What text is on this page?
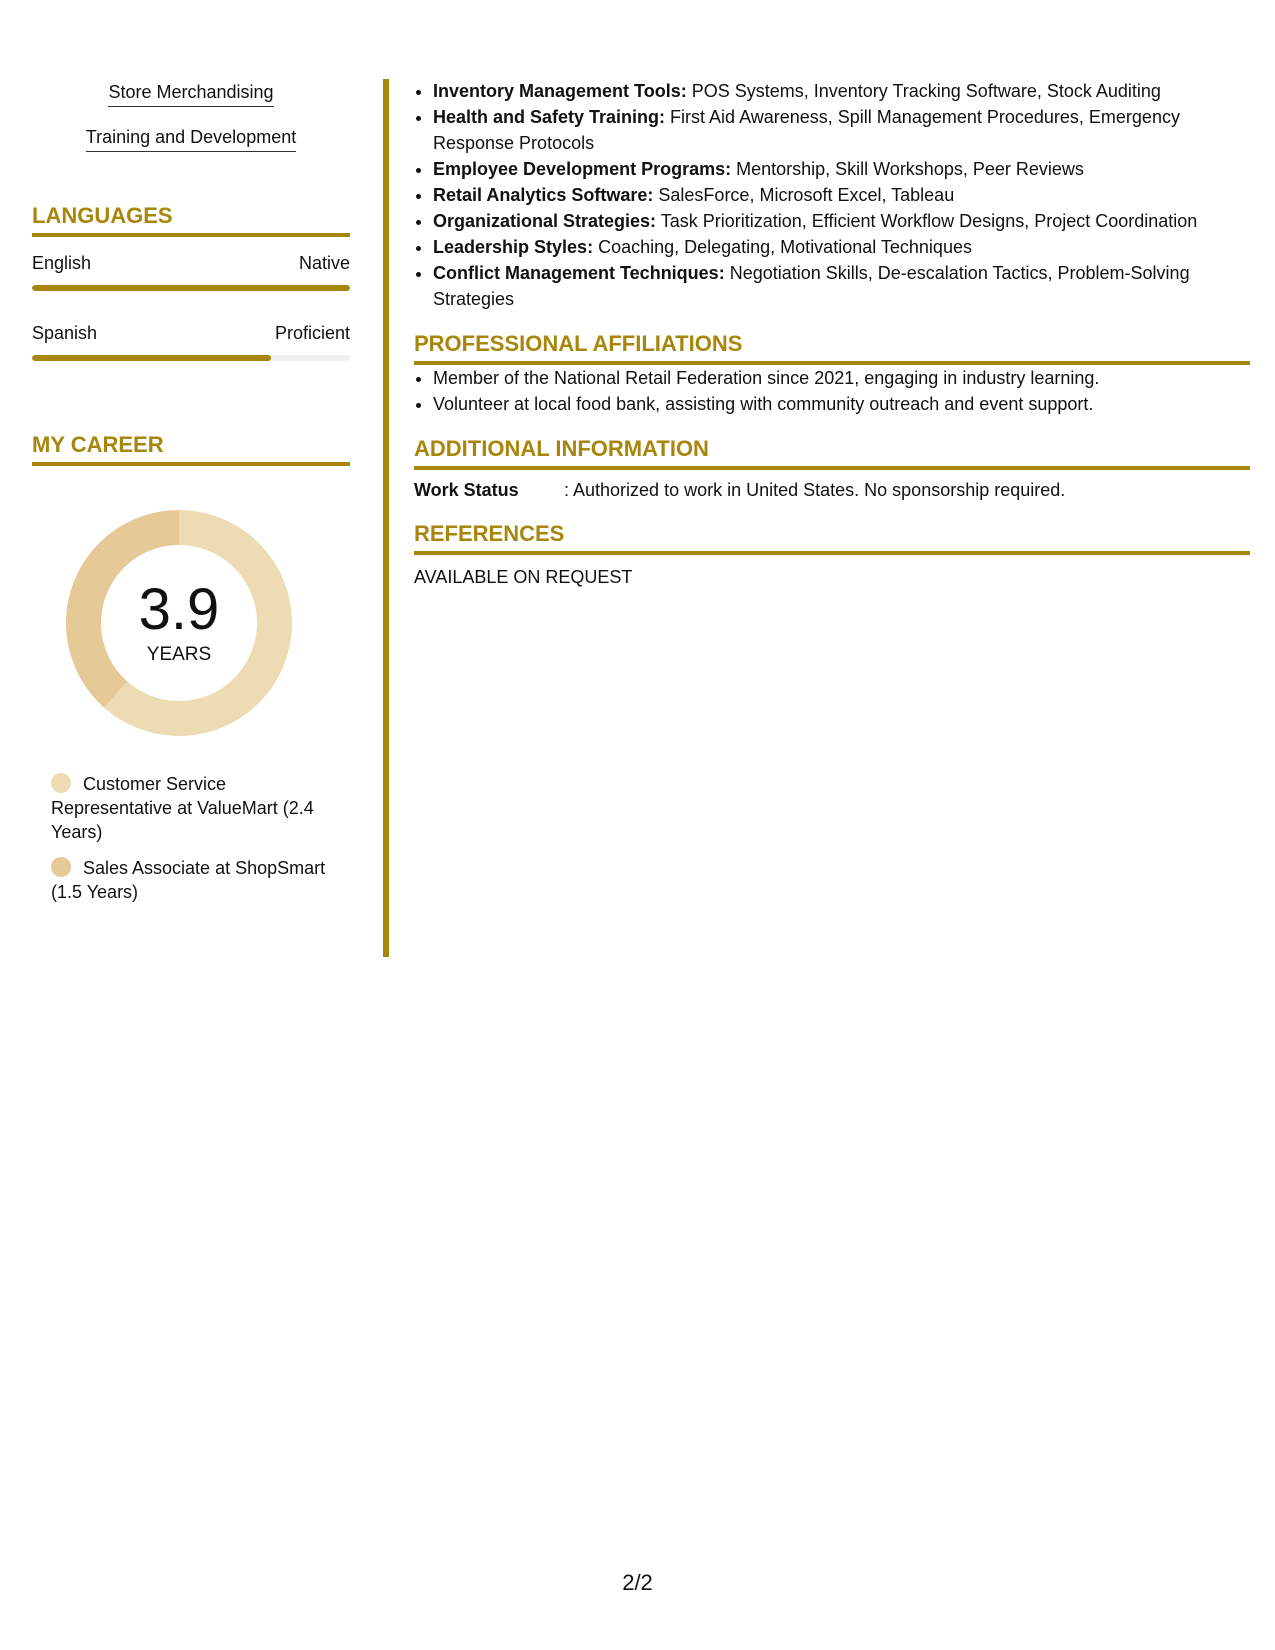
Store Merchandising
Training and Development
LANGUAGES
English	Native
Spanish	Proficient
MY CAREER
3.9
YEARS
Customer Service Representative at ValueMart (2.4 Years)
Sales Associate at ShopSmart (1.5 Years)
• Inventory Management Tools: POS Systems, Inventory Tracking Software, Stock Auditing
• Health and Safety Training: First Aid Awareness, Spill Management Procedures, Emergency Response Protocols
• Employee Development Programs: Mentorship, Skill Workshops, Peer Reviews
• Retail Analytics Software: SalesForce, Microsoft Excel, Tableau
• Organizational Strategies: Task Prioritization, Efficient Workflow Designs, Project Coordination
• Leadership Styles: Coaching, Delegating, Motivational Techniques
• Conflict Management Techniques: Negotiation Skills, De-escalation Tactics, Problem-Solving Strategies
PROFESSIONAL AFFILIATIONS
• Member of the National Retail Federation since 2021, engaging in industry learning.
• Volunteer at local food bank, assisting with community outreach and event support.
ADDITIONAL INFORMATION
Work Status	: Authorized to work in United States. No sponsorship required.
REFERENCES
AVAILABLE ON REQUEST
2/2
